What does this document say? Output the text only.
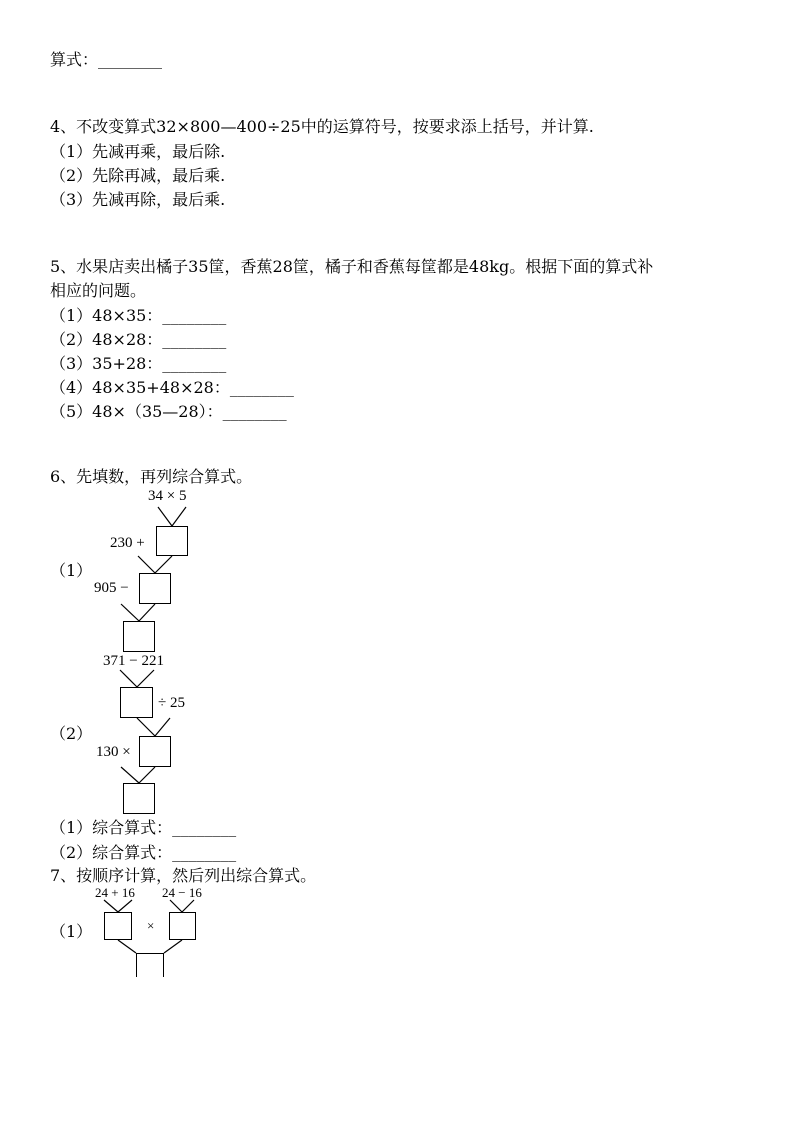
算式：________
4、不改变算式32×800—400÷25中的运算符号，按要求添上括号，并计算.
（1）先减再乘，最后除.
（2）先除再减，最后乘.
（3）先减再除，最后乘.
5、水果店卖出橘子35筐，香蕉28筐，橘子和香蕉每筐都是48kg。根据下面的算式补
相应的问题。
（1）48×35：________
（2）48×28：________
（3）35+28：________
（4）48×35+48×28：________
（5）48×（35—28）：________
6、先填数，再列综合算式。
34 × 5
230 +
（1）
905 −
371 − 221
÷ 25
（2）
130 ×
（1）综合算式：________
（2）综合算式：________
7、按顺序计算，然后列出综合算式。
24 + 16 24 − 16
×
（1）
